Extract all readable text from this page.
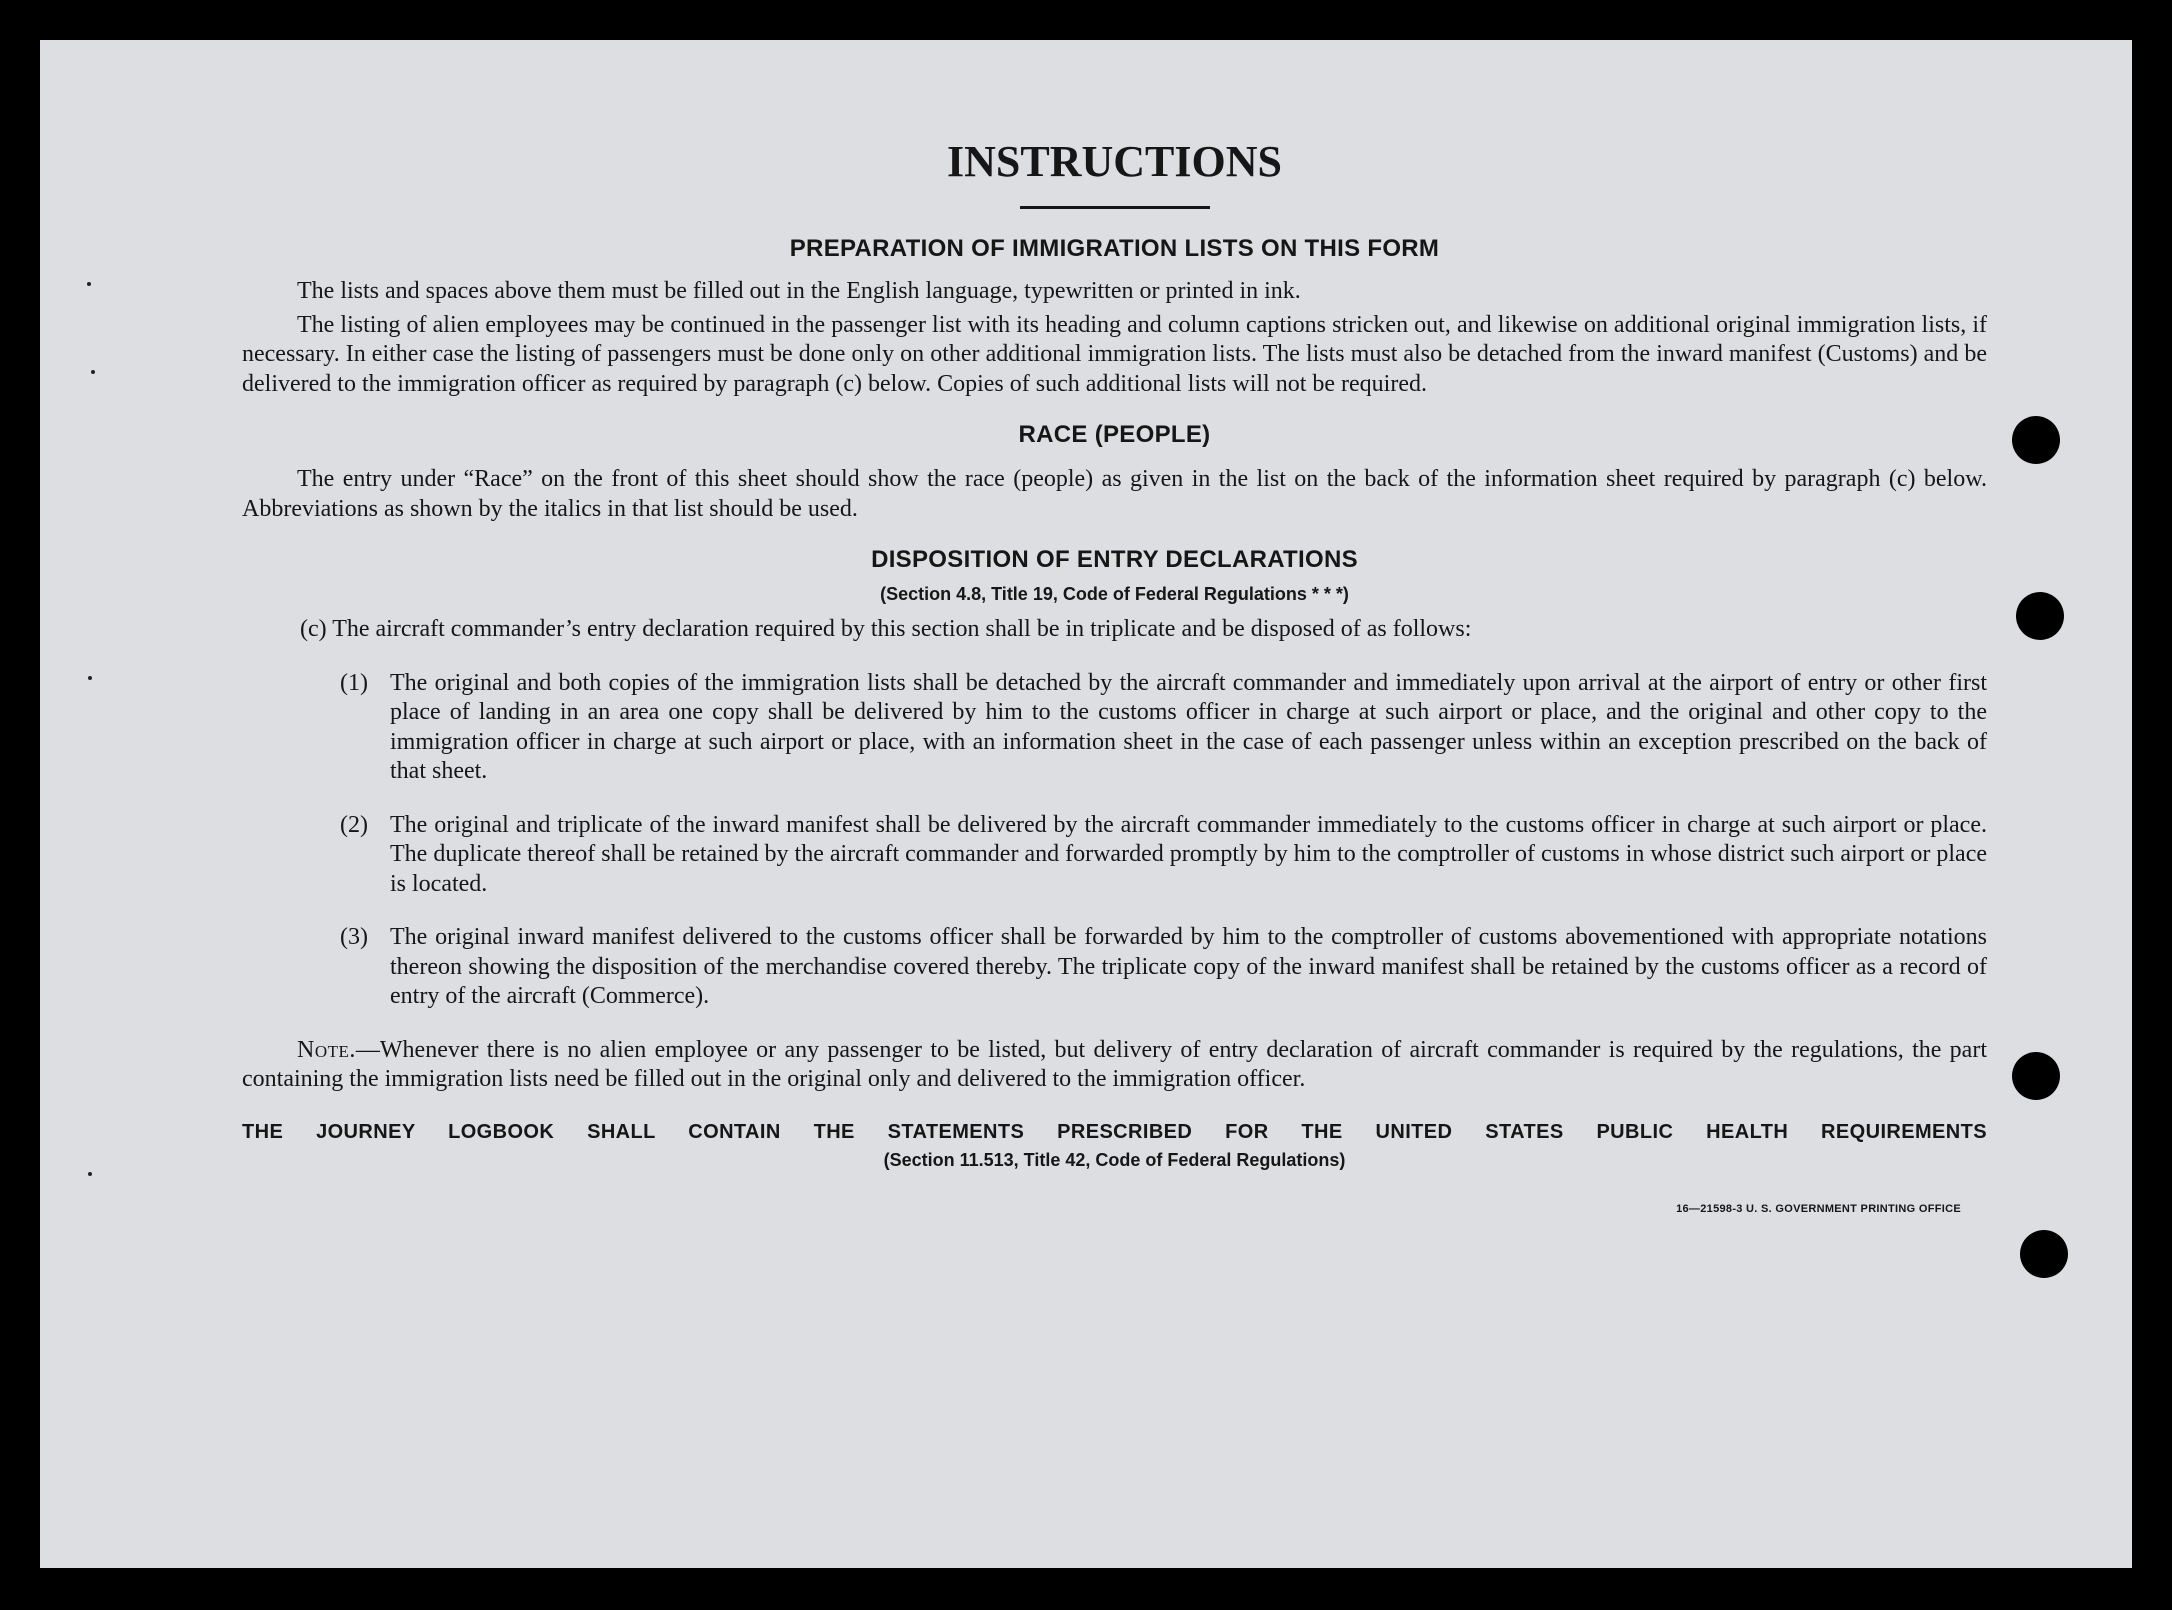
INSTRUCTIONS
PREPARATION OF IMMIGRATION LISTS ON THIS FORM

The lists and spaces above them must be filled out in the English language, typewritten or printed in ink.

The listing of alien employees may be continued in the passenger list with its heading and column captions stricken out, and likewise on additional original immigration lists, if necessary. In either case the listing of passengers must be done only on other additional immigration lists. The lists must also be detached from the inward manifest (Customs) and be delivered to the immigration officer as required by paragraph (c) below. Copies of such additional lists will not be required.

RACE (PEOPLE)

The entry under “Race” on the front of this sheet should show the race (people) as given in the list on the back of the information sheet required by paragraph (c) below. Abbreviations as shown by the italics in that list should be used.

DISPOSITION OF ENTRY DECLARATIONS

(Section 4.8, Title 19, Code of Federal Regulations * * *)

(c) The aircraft commander’s entry declaration required by this section shall be in triplicate and be disposed of as follows:

(1) The original and both copies of the immigration lists shall be detached by the aircraft commander and immediately upon arrival at the airport of entry or other first place of landing in an area one copy shall be delivered by him to the customs officer in charge at such airport or place, and the original and other copy to the immigration officer in charge at such airport or place, with an information sheet in the case of each passenger unless within an exception prescribed on the back of that sheet.

(2) The original and triplicate of the inward manifest shall be delivered by the aircraft commander immediately to the customs officer in charge at such airport or place. The duplicate thereof shall be retained by the aircraft commander and forwarded promptly by him to the comptroller of customs in whose district such airport or place is located.

(3) The original inward manifest delivered to the customs officer shall be forwarded by him to the comptroller of customs abovementioned with appropriate notations thereon showing the disposition of the merchandise covered thereby. The triplicate copy of the inward manifest shall be retained by the customs officer as a record of entry of the aircraft (Commerce).

Note.—Whenever there is no alien employee or any passenger to be listed, but delivery of entry declaration of aircraft commander is required by the regulations, the part containing the immigration lists need be filled out in the original only and delivered to the immigration officer.

THE JOURNEY LOGBOOK SHALL CONTAIN THE STATEMENTS PRESCRIBED FOR THE UNITED STATES PUBLIC HEALTH REQUIREMENTS

(Section 11.513, Title 42, Code of Federal Regulations)

16—21598-3 U. S. GOVERNMENT PRINTING OFFICE
